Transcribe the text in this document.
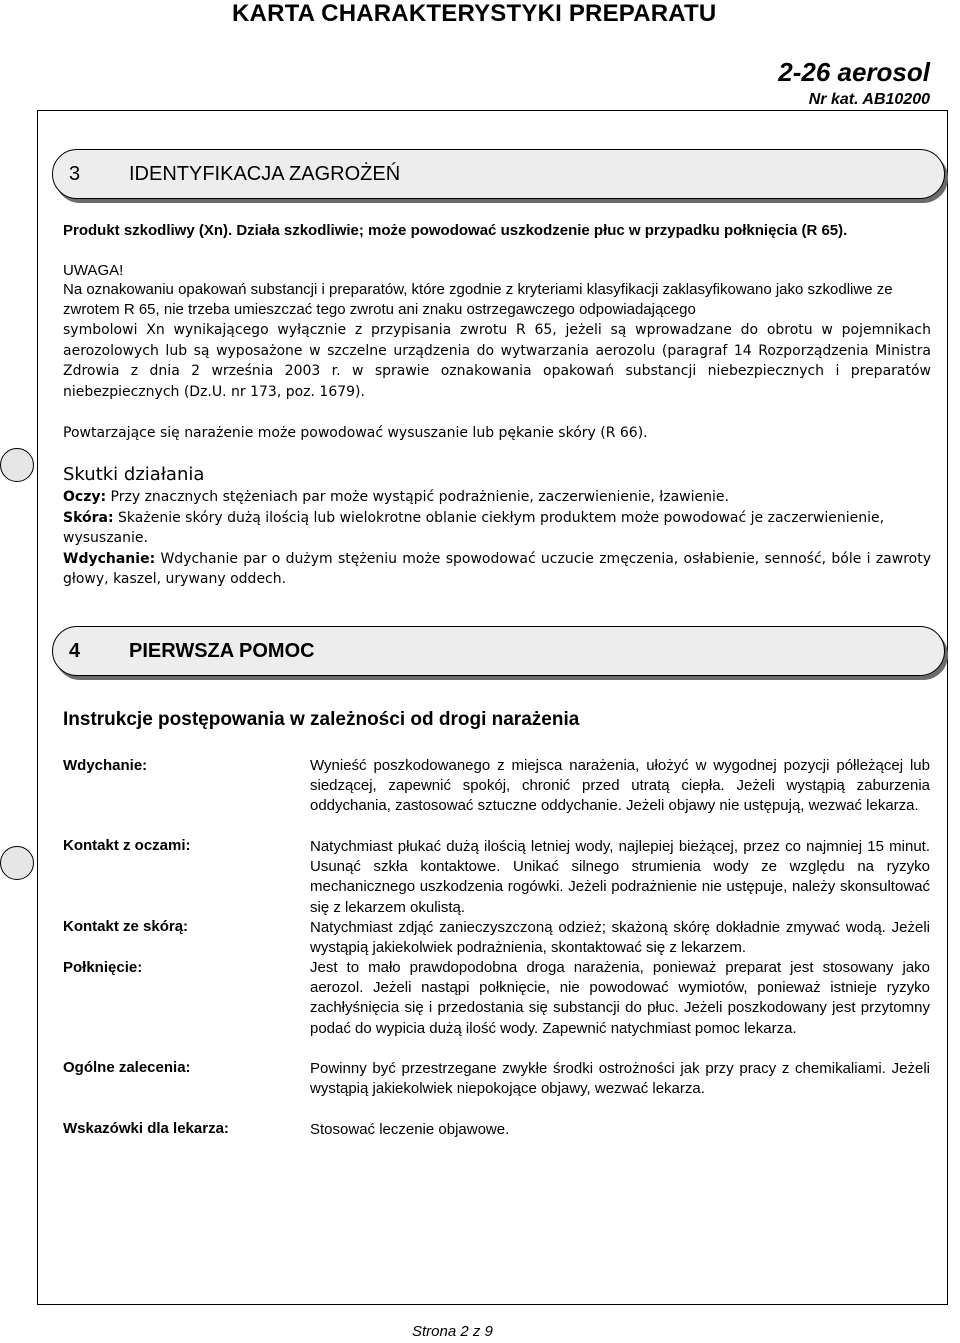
KARTA CHARAKTERYSTYKI PREPARATU
2-26 aerosol
Nr kat. AB10200
3	IDENTYFIKACJA ZAGROŻEŃ
Produkt szkodliwy (Xn). Działa szkodliwie; może powodować uszkodzenie płuc w przypadku połknięcia (R 65).
UWAGA!
Na oznakowaniu opakowań substancji i preparatów, które zgodnie z kryteriami klasyfikacji zaklasyfikowano jako szkodliwe ze zwrotem R 65, nie trzeba umieszczać tego zwrotu ani znaku ostrzegawczego odpowiadającego
symbolowi Xn wynikającego wyłącznie z przypisania zwrotu R 65, jeżeli są wprowadzane do obrotu w pojemnikach aerozolowych lub są wyposażone w szczelne urządzenia do wytwarzania aerozolu (paragraf 14 Rozporządzenia Ministra Zdrowia z dnia 2 września 2003 r. w sprawie oznakowania opakowań substancji niebezpiecznych i preparatów niebezpiecznych (Dz.U. nr 173, poz. 1679).
Powtarzające się narażenie może powodować wysuszanie lub pękanie skóry (R 66).
Skutki działania

Oczy: Przy znacznych stężeniach par może wystąpić podrażnienie, zaczerwienienie, łzawienie.

Skóra: Skażenie skóry dużą ilością lub wielokrotne oblanie ciekłym produktem może powodować je zaczerwienienie, wysuszanie.

Wdychanie: Wdychanie par o dużym stężeniu może spowodować uczucie zmęczenia, osłabienie, senność, bóle i zawroty głowy, kaszel, urywany oddech.

4	PIERWSZA POMOC
Instrukcje postępowania w zależności od drogi narażenia
Wdychanie:	Wynieść poszkodowanego z miejsca narażenia, ułożyć w wygodnej pozycji półleżącej lub siedzącej, zapewnić spokój, chronić przed utratą ciepła. Jeżeli wystąpią zaburzenia oddychania, zastosować sztuczne oddychanie. Jeżeli objawy nie ustępują, wezwać lekarza.
Kontakt z oczami:	Natychmiast płukać dużą ilością letniej wody, najlepiej bieżącej, przez co najmniej 15 minut. Usunąć szkła kontaktowe. Unikać silnego strumienia wody ze względu na ryzyko mechanicznego uszkodzenia rogówki. Jeżeli podrażnienie nie ustępuje, należy skonsultować się z lekarzem okulistą.
Kontakt ze skórą:	Natychmiast zdjąć zanieczyszczoną odzież; skażoną skórę dokładnie zmywać wodą. Jeżeli wystąpią jakiekolwiek podrażnienia, skontaktować się z lekarzem.
Połknięcie:	Jest to mało prawdopodobna droga narażenia, ponieważ preparat jest stosowany jako aerozol. Jeżeli nastąpi połknięcie, nie powodować wymiotów, ponieważ istnieje ryzyko zachłyśnięcia się i przedostania się substancji do płuc. Jeżeli poszkodowany jest przytomny podać do wypicia dużą ilość wody. Zapewnić natychmiast pomoc lekarza.
Ogólne zalecenia:	Powinny być przestrzegane zwykłe środki ostrożności jak przy pracy z chemikaliami. Jeżeli wystąpią jakiekolwiek niepokojące objawy, wezwać lekarza.
Wskazówki dla lekarza:	Stosować leczenie objawowe.
Strona 2 z 9
